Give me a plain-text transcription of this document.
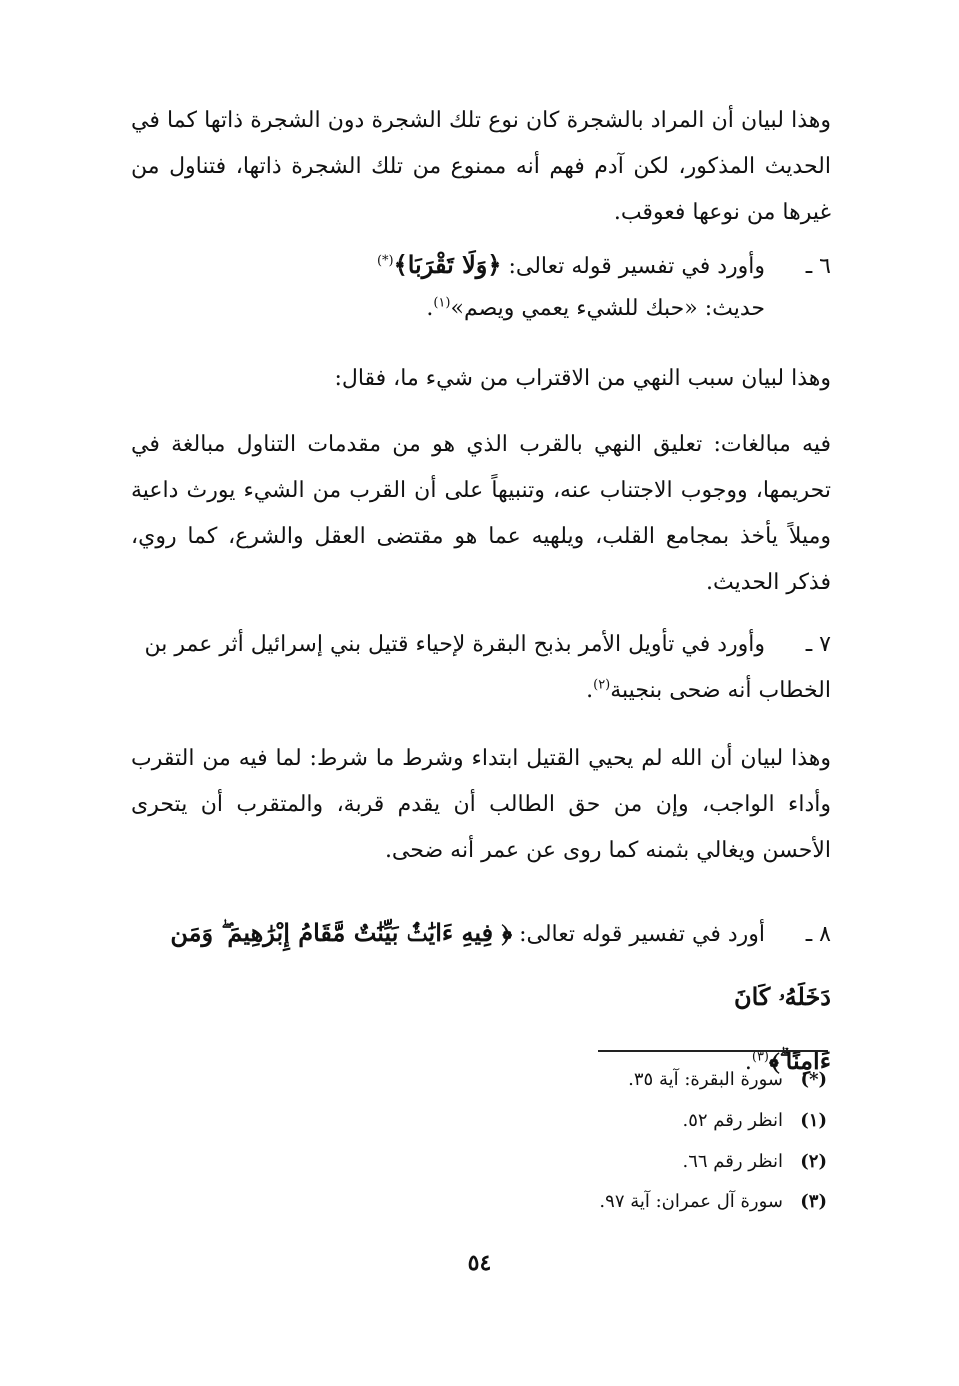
وهذا لبيان أن المراد بالشجرة كان نوع تلك الشجرة دون الشجرة ذاتها كما في الحديث المذكور، لكن آدم فهم أنه ممنوع من تلك الشجرة ذاتها، فتناول من غيرها من نوعها فعوقب.

٦ ـوأورد في تفسير قوله تعالى: ﴿وَلَا تَقْرَبَا﴾(*)
حديث: «حبك للشيء يعمي ويصم»$^{(١)}$.

وهذا لبيان سبب النهي من الاقتراب من شيء ما، فقال:

فيه مبالغات: تعليق النهي بالقرب الذي هو من مقدمات التناول مبالغة في تحريمها، ووجوب الاجتناب عنه، وتنبيهاً على أن القرب من الشيء يورث داعية وميلاً يأخذ بمجامع القلب، ويلهيه عما هو مقتضى العقل والشرع، كما روي، فذكر الحديث.

٧ ـوأورد في تأويل الأمر بذبح البقرة لإحياء قتيل بني إسرائيل أثر عمر بن الخطاب أنه ضحى بنجيبة$^{(٢)}$.

وهذا لبيان أن الله لم يحيي القتيل ابتداء وشرط ما شرط: لما فيه من التقرب وأداء الواجب، وإن من حق الطالب أن يقدم قربة، والمتقرب أن يتحرى الأحسن ويغالي بثمنه كما روى عن عمر أنه ضحى.

٨ ـأورد في تفسير قوله تعالى: ﴿ فِيهِ ءَايَٰتٌۢ بَيِّنَٰتٌ مَّقَامُ إِبْرَٰهِيمَ ۖ وَمَن دَخَلَهُۥ كَانَ
ءَامِنًا ۗ﴾$^{(٣)}$.
(*)سورة البقرة: آية ٣٥.
(١)انظر رقم ٥٢.
(٢)انظر رقم ٦٦.
(٣)سورة آل عمران: آية ٩٧.
٥٤
